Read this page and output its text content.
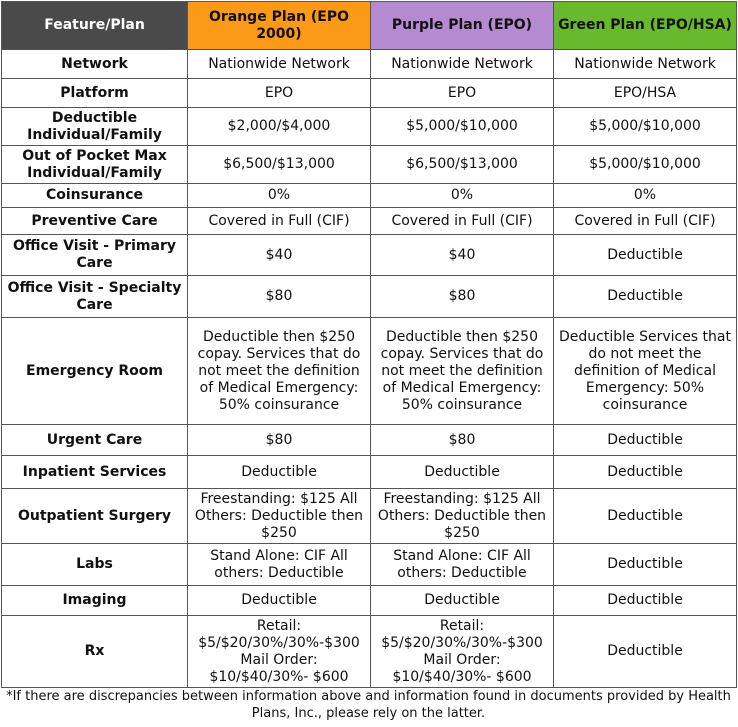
Feature/Plan	Orange Plan (EPO 2000)	Purple Plan (EPO)	Green Plan (EPO/HSA)
Network	Nationwide Network	Nationwide Network	Nationwide Network
Platform	EPO	EPO	EPO/HSA
Deductible Individual/Family	$2,000/$4,000	$5,000/$10,000	$5,000/$10,000
Out of Pocket Max Individual/Family	$6,500/$13,000	$6,500/$13,000	$5,000/$10,000
Coinsurance	0%	0%	0%
Preventive Care	Covered in Full (CIF)	Covered in Full (CIF)	Covered in Full (CIF)
Office Visit - Primary Care	$40	$40	Deductible
Office Visit - Specialty Care	$80	$80	Deductible
Emergency Room	Deductible then $250 copay. Services that do not meet the definition of Medical Emergency: 50% coinsurance	Deductible then $250 copay. Services that do not meet the definition of Medical Emergency: 50% coinsurance	Deductible Services that do not meet the definition of Medical Emergency: 50% coinsurance
Urgent Care	$80	$80	Deductible
Inpatient Services	Deductible	Deductible	Deductible
Outpatient Surgery	Freestanding: $125 All Others: Deductible then $250	Freestanding: $125 All Others: Deductible then $250	Deductible
Labs	Stand Alone: CIF All others: Deductible	Stand Alone: CIF All others: Deductible	Deductible
Imaging	Deductible	Deductible	Deductible
Rx	Retail: $5/$20/30%/30%-$300 Mail Order: $10/$40/30%- $600	Retail: $5/$20/30%/30%-$300 Mail Order: $10/$40/30%- $600	Deductible
*If there are discrepancies between information above and information found in documents provided by Health Plans, Inc., please rely on the latter.
